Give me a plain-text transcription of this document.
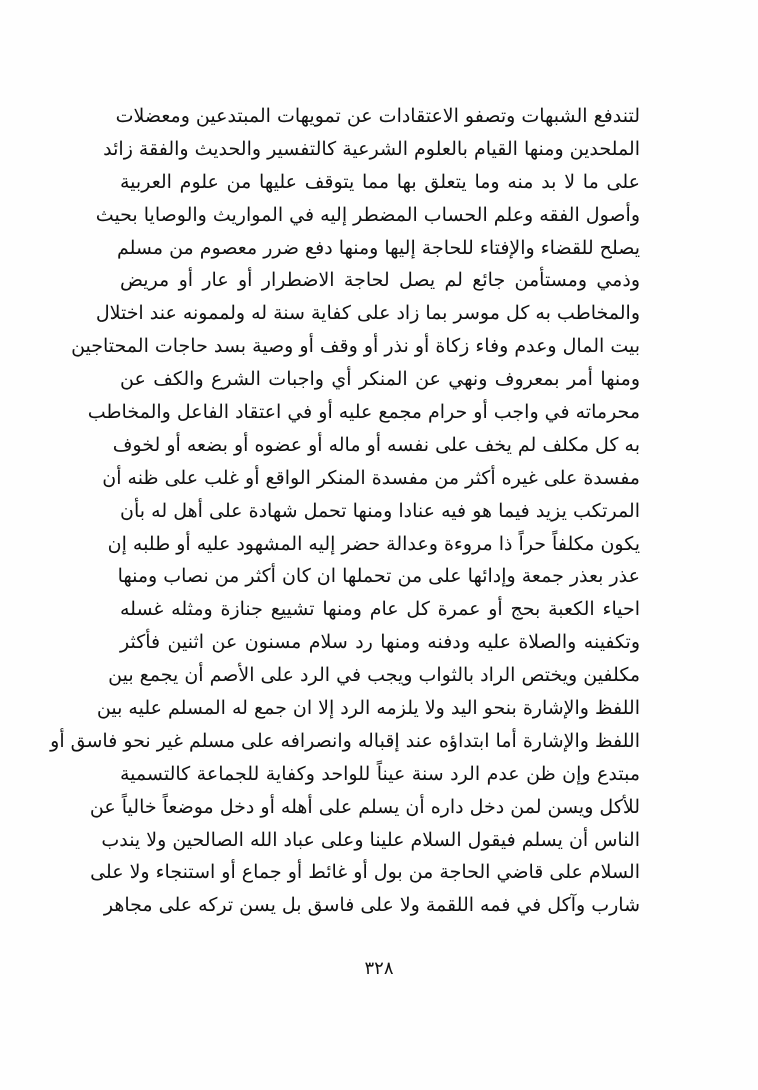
لتندفع الشبهات وتصفو الاعتقادات عن تمويهات المبتدعين ومعضلات
الملحدين ومنها القيام بالعلوم الشرعية كالتفسير والحديث والفقة زائد
على ما لا بد منه وما يتعلق بها مما يتوقف عليها من علوم العربية
وأصول الفقه وعلم الحساب المضطر إليه في المواريث والوصايا بحيث
يصلح للقضاء والإفتاء للحاجة إليها ومنها دفع ضرر معصوم من مسلم
وذمي ومستأمن جائع لم يصل لحاجة الاضطرار أو عار أو مريض
والمخاطب به كل موسر بما زاد على كفاية سنة له ولممونه عند اختلال
بيت المال وعدم وفاء زكاة أو نذر أو وقف أو وصية بسد حاجات المحتاجين
ومنها أمر بمعروف ونهي عن المنكر أي واجبات الشرع والكف عن
محرماته في واجب أو حرام مجمع عليه أو في اعتقاد الفاعل والمخاطب
به كل مكلف لم يخف على نفسه أو ماله أو عضوه أو بضعه أو لخوف
مفسدة على غيره أكثر من مفسدة المنكر الواقع أو غلب على ظنه أن
المرتكب يزيد فيما هو فيه عنادا ومنها تحمل شهادة على أهل له بأن
يكون مكلفاً حراً ذا مروءة وعدالة حضر إليه المشهود عليه أو طلبه إن
عذر بعذر جمعة وإدائها على من تحملها ان كان أكثر من نصاب ومنها
احياء الكعبة بحج أو عمرة كل عام ومنها تشييع جنازة ومثله غسله
وتكفينه والصلاة عليه ودفنه ومنها رد سلام مسنون عن اثنين فأكثر
مكلفين ويختص الراد بالثواب ويجب في الرد على الأصم أن يجمع بين
اللفظ والإشارة بنحو اليد ولا يلزمه الرد إلا ان جمع له المسلم عليه بين
اللفظ والإشارة أما ابتداؤه عند إقباله وانصرافه على مسلم غير نحو فاسق أو
مبتدع وإن ظن عدم الرد سنة عيناً للواحد وكفاية للجماعة كالتسمية
للأكل ويسن لمن دخل داره أن يسلم على أهله أو دخل موضعاً خالياً عن
الناس أن يسلم فيقول السلام علينا وعلى عباد الله الصالحين ولا يندب
السلام على قاضي الحاجة من بول أو غائط أو جماع أو استنجاء ولا على
شارب وآكل في فمه اللقمة ولا على فاسق بل يسن تركه على مجاهر
٣٢٨
